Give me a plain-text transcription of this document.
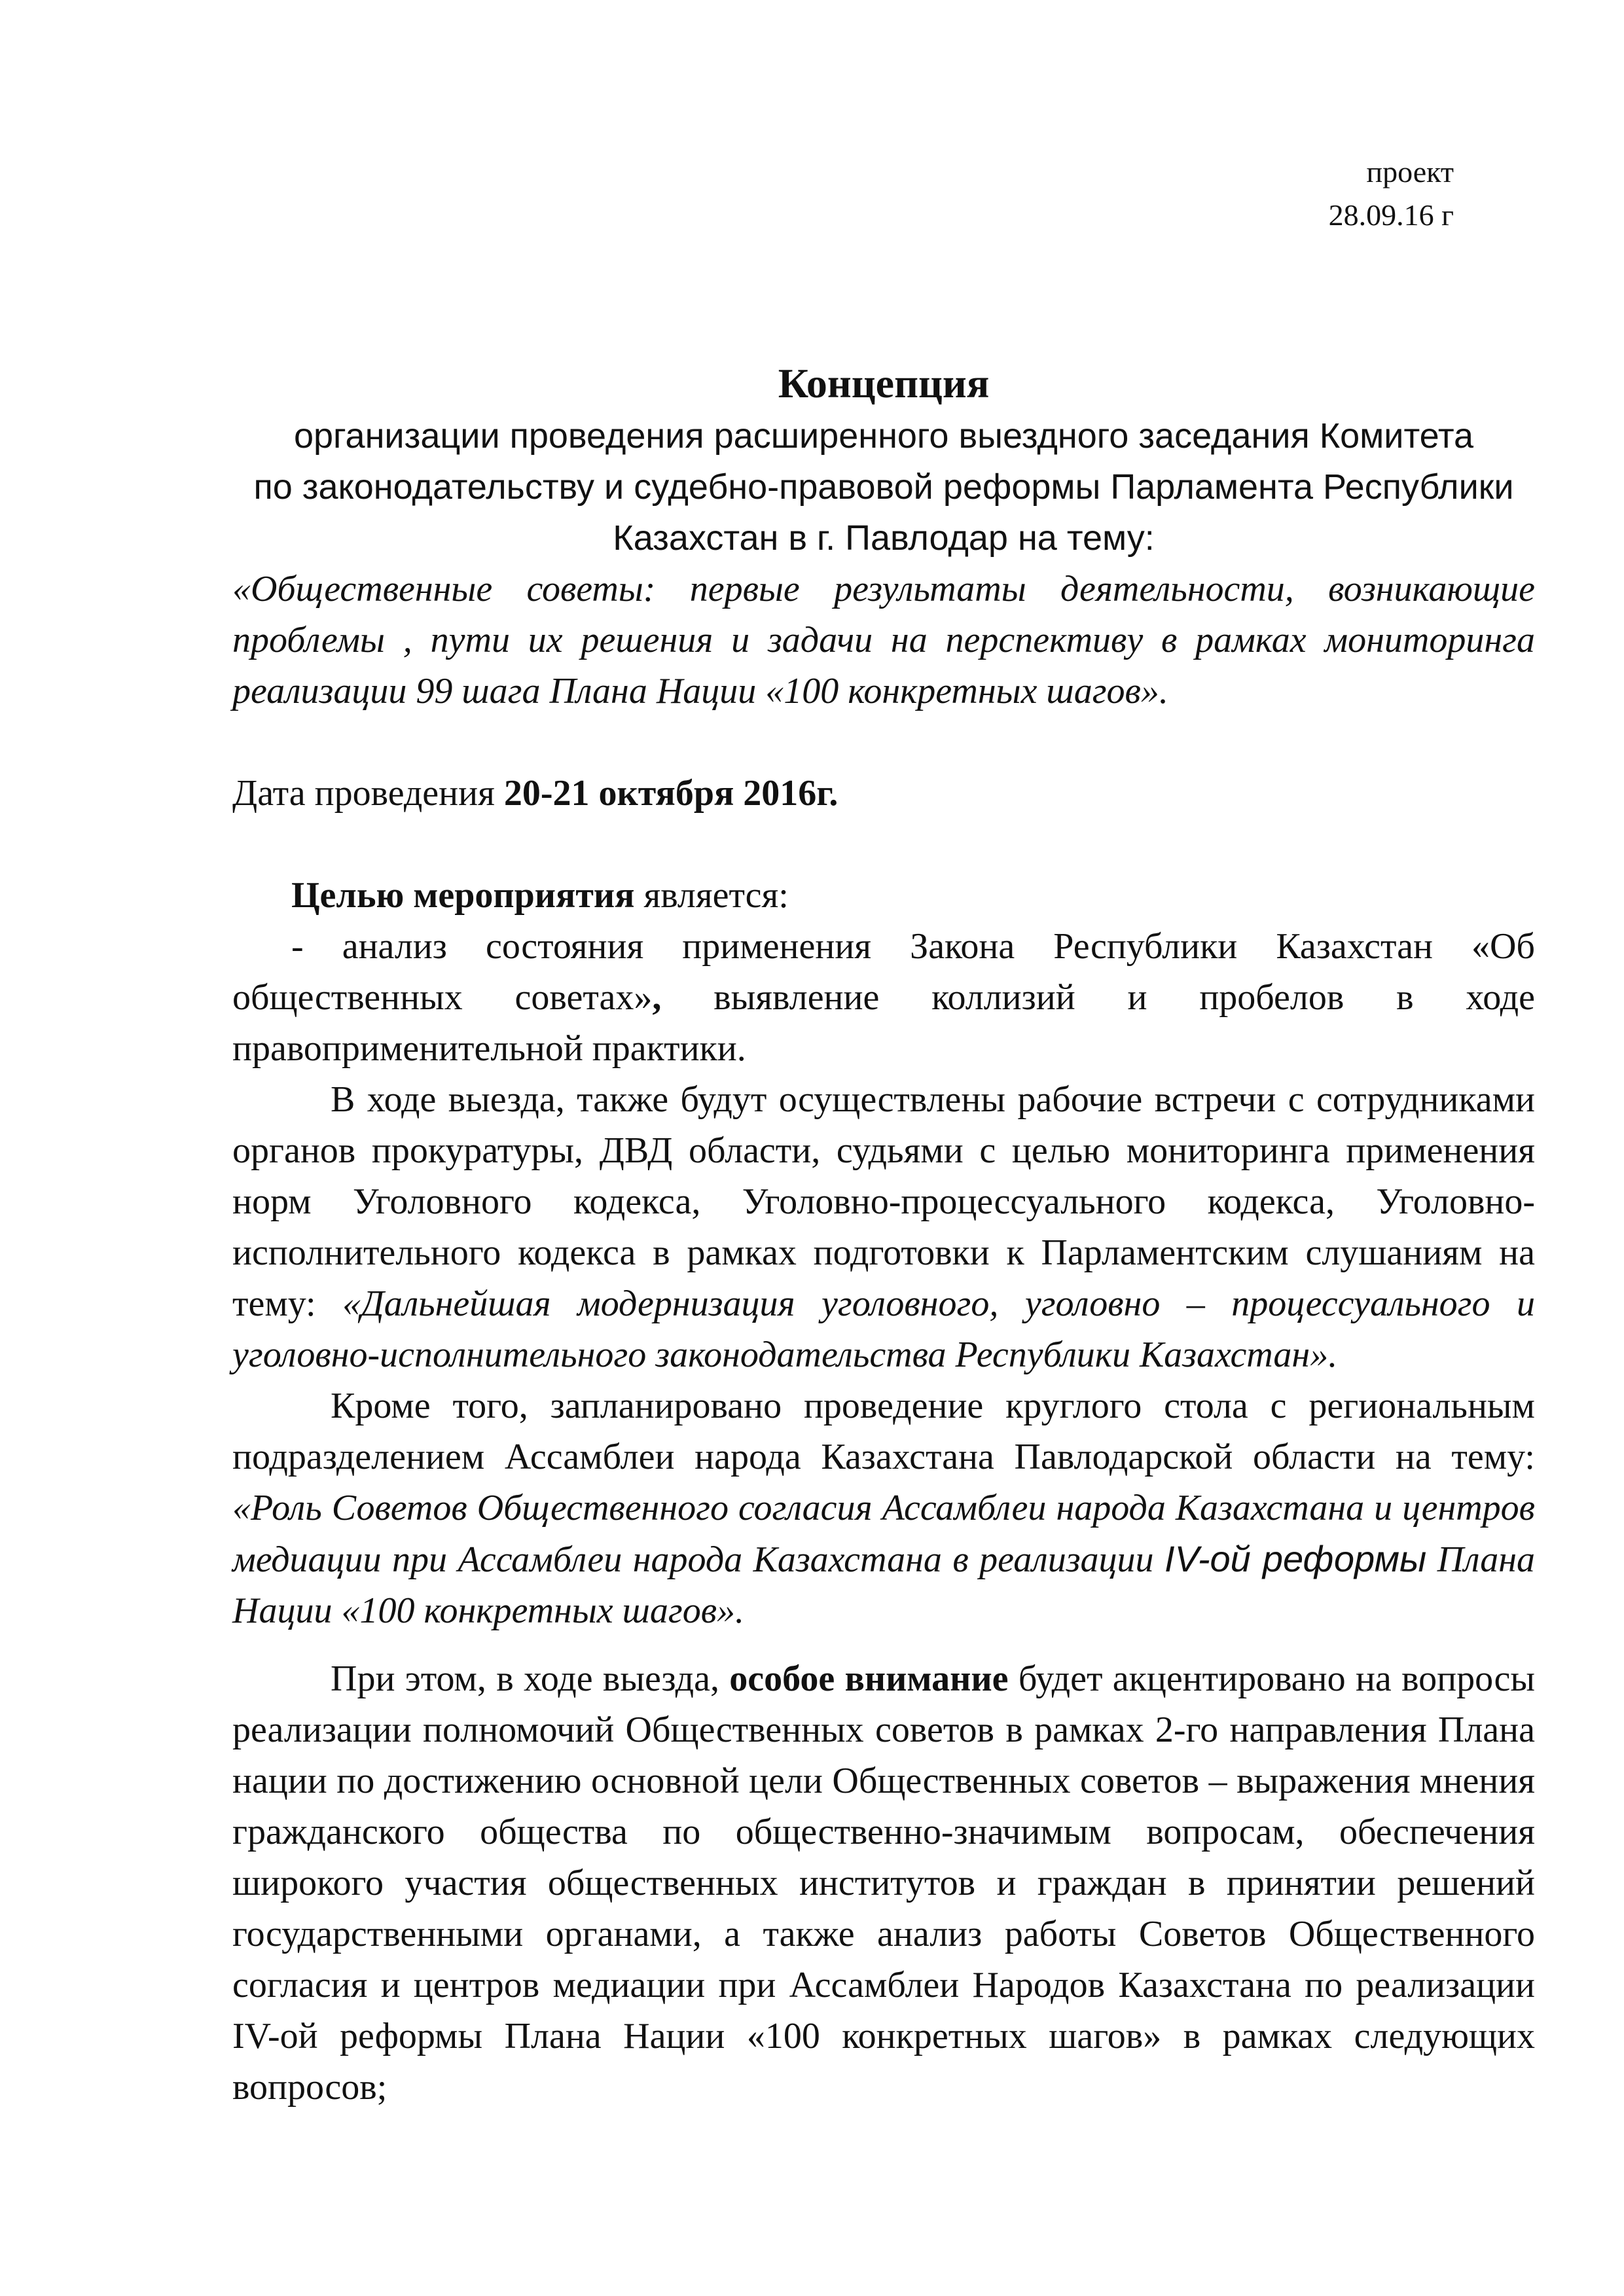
проект
28.09.16 г
Концепция
организации проведения расширенного выездного заседания Комитета
по законодательству и судебно-правовой реформы Парламента Республики
Казахстан в г. Павлодар на тему:

«Общественные советы: первые результаты деятельности, возникающие проблемы , пути их решения и задачи на перспективу в рамках мониторинга реализации 99 шага Плана Нации «100 конкретных шагов».

Дата проведения 20-21 октября 2016г.

Целью мероприятия является:

- анализ состояния применения Закона Республики Казахстан «Об общественных советах», выявление коллизий и пробелов в ходе правоприменительной практики.

В ходе выезда, также будут осуществлены рабочие встречи с сотрудниками органов прокуратуры, ДВД области, судьями с целью мониторинга применения норм Уголовного кодекса, Уголовно-процессуального кодекса, Уголовно-исполнительного кодекса в рамках подготовки к Парламентским слушаниям на тему: «Дальнейшая модернизация уголовного, уголовно – процессуального и уголовно-исполнительного законодательства Республики Казахстан».

Кроме того, запланировано проведение круглого стола с региональным подразделением Ассамблеи народа Казахстана Павлодарской области на тему: «Роль Советов Общественного согласия Ассамблеи народа Казахстана и центров медиации при Ассамблеи народа Казахстана в реализации IV-ой реформы Плана Нации «100 конкретных шагов».

При этом, в ходе выезда, особое внимание будет акцентировано на вопросы реализации полномочий Общественных советов в рамках 2-го направления Плана нации по достижению основной цели Общественных советов – выражения мнения гражданского общества по общественно-значимым вопросам, обеспечения широкого участия общественных институтов и граждан в принятии решений государственными органами, а также анализ работы Советов Общественного согласия и центров медиации при Ассамблеи Народов Казахстана по реализации IV-ой реформы Плана Нации «100 конкретных шагов» в рамках следующих вопросов;
